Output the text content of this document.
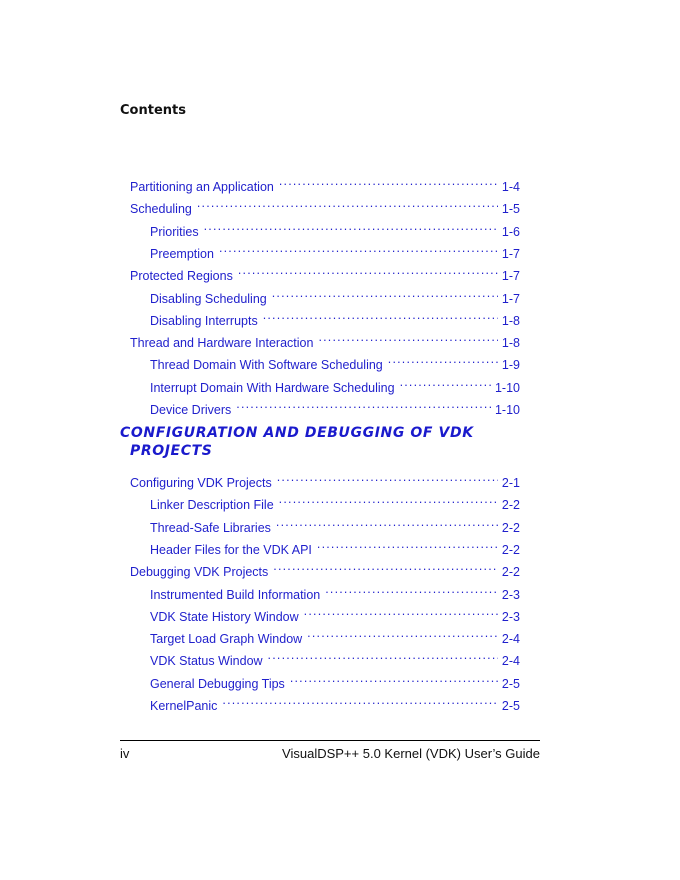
Contents
Partitioning an Application .....	1-4
Scheduling .....	1-5
Priorities .....	1-6
Preemption .....	1-7
Protected Regions .....	1-7
Disabling Scheduling .....	1-7
Disabling Interrupts .....	1-8
Thread and Hardware Interaction .....	1-8
Thread Domain With Software Scheduling .....	1-9
Interrupt Domain With Hardware Scheduling .....	1-10
Device Drivers .....	1-10
Configuring VDK Projects .....	2-1
Linker Description File .....	2-2
Thread-Safe Libraries .....	2-2
Header Files for the VDK API .....	2-2
Debugging VDK Projects .....	2-2
Instrumented Build Information .....	2-3
VDK State History Window .....	2-3
Target Load Graph Window .....	2-4
VDK Status Window .....	2-4
General Debugging Tips .....	2-5
KernelPanic .....	2-5
CONFIGURATION AND DEBUGGING OF VDK
PROJECTS
iv	VisualDSP++ 5.0 Kernel (VDK) User’s Guide
